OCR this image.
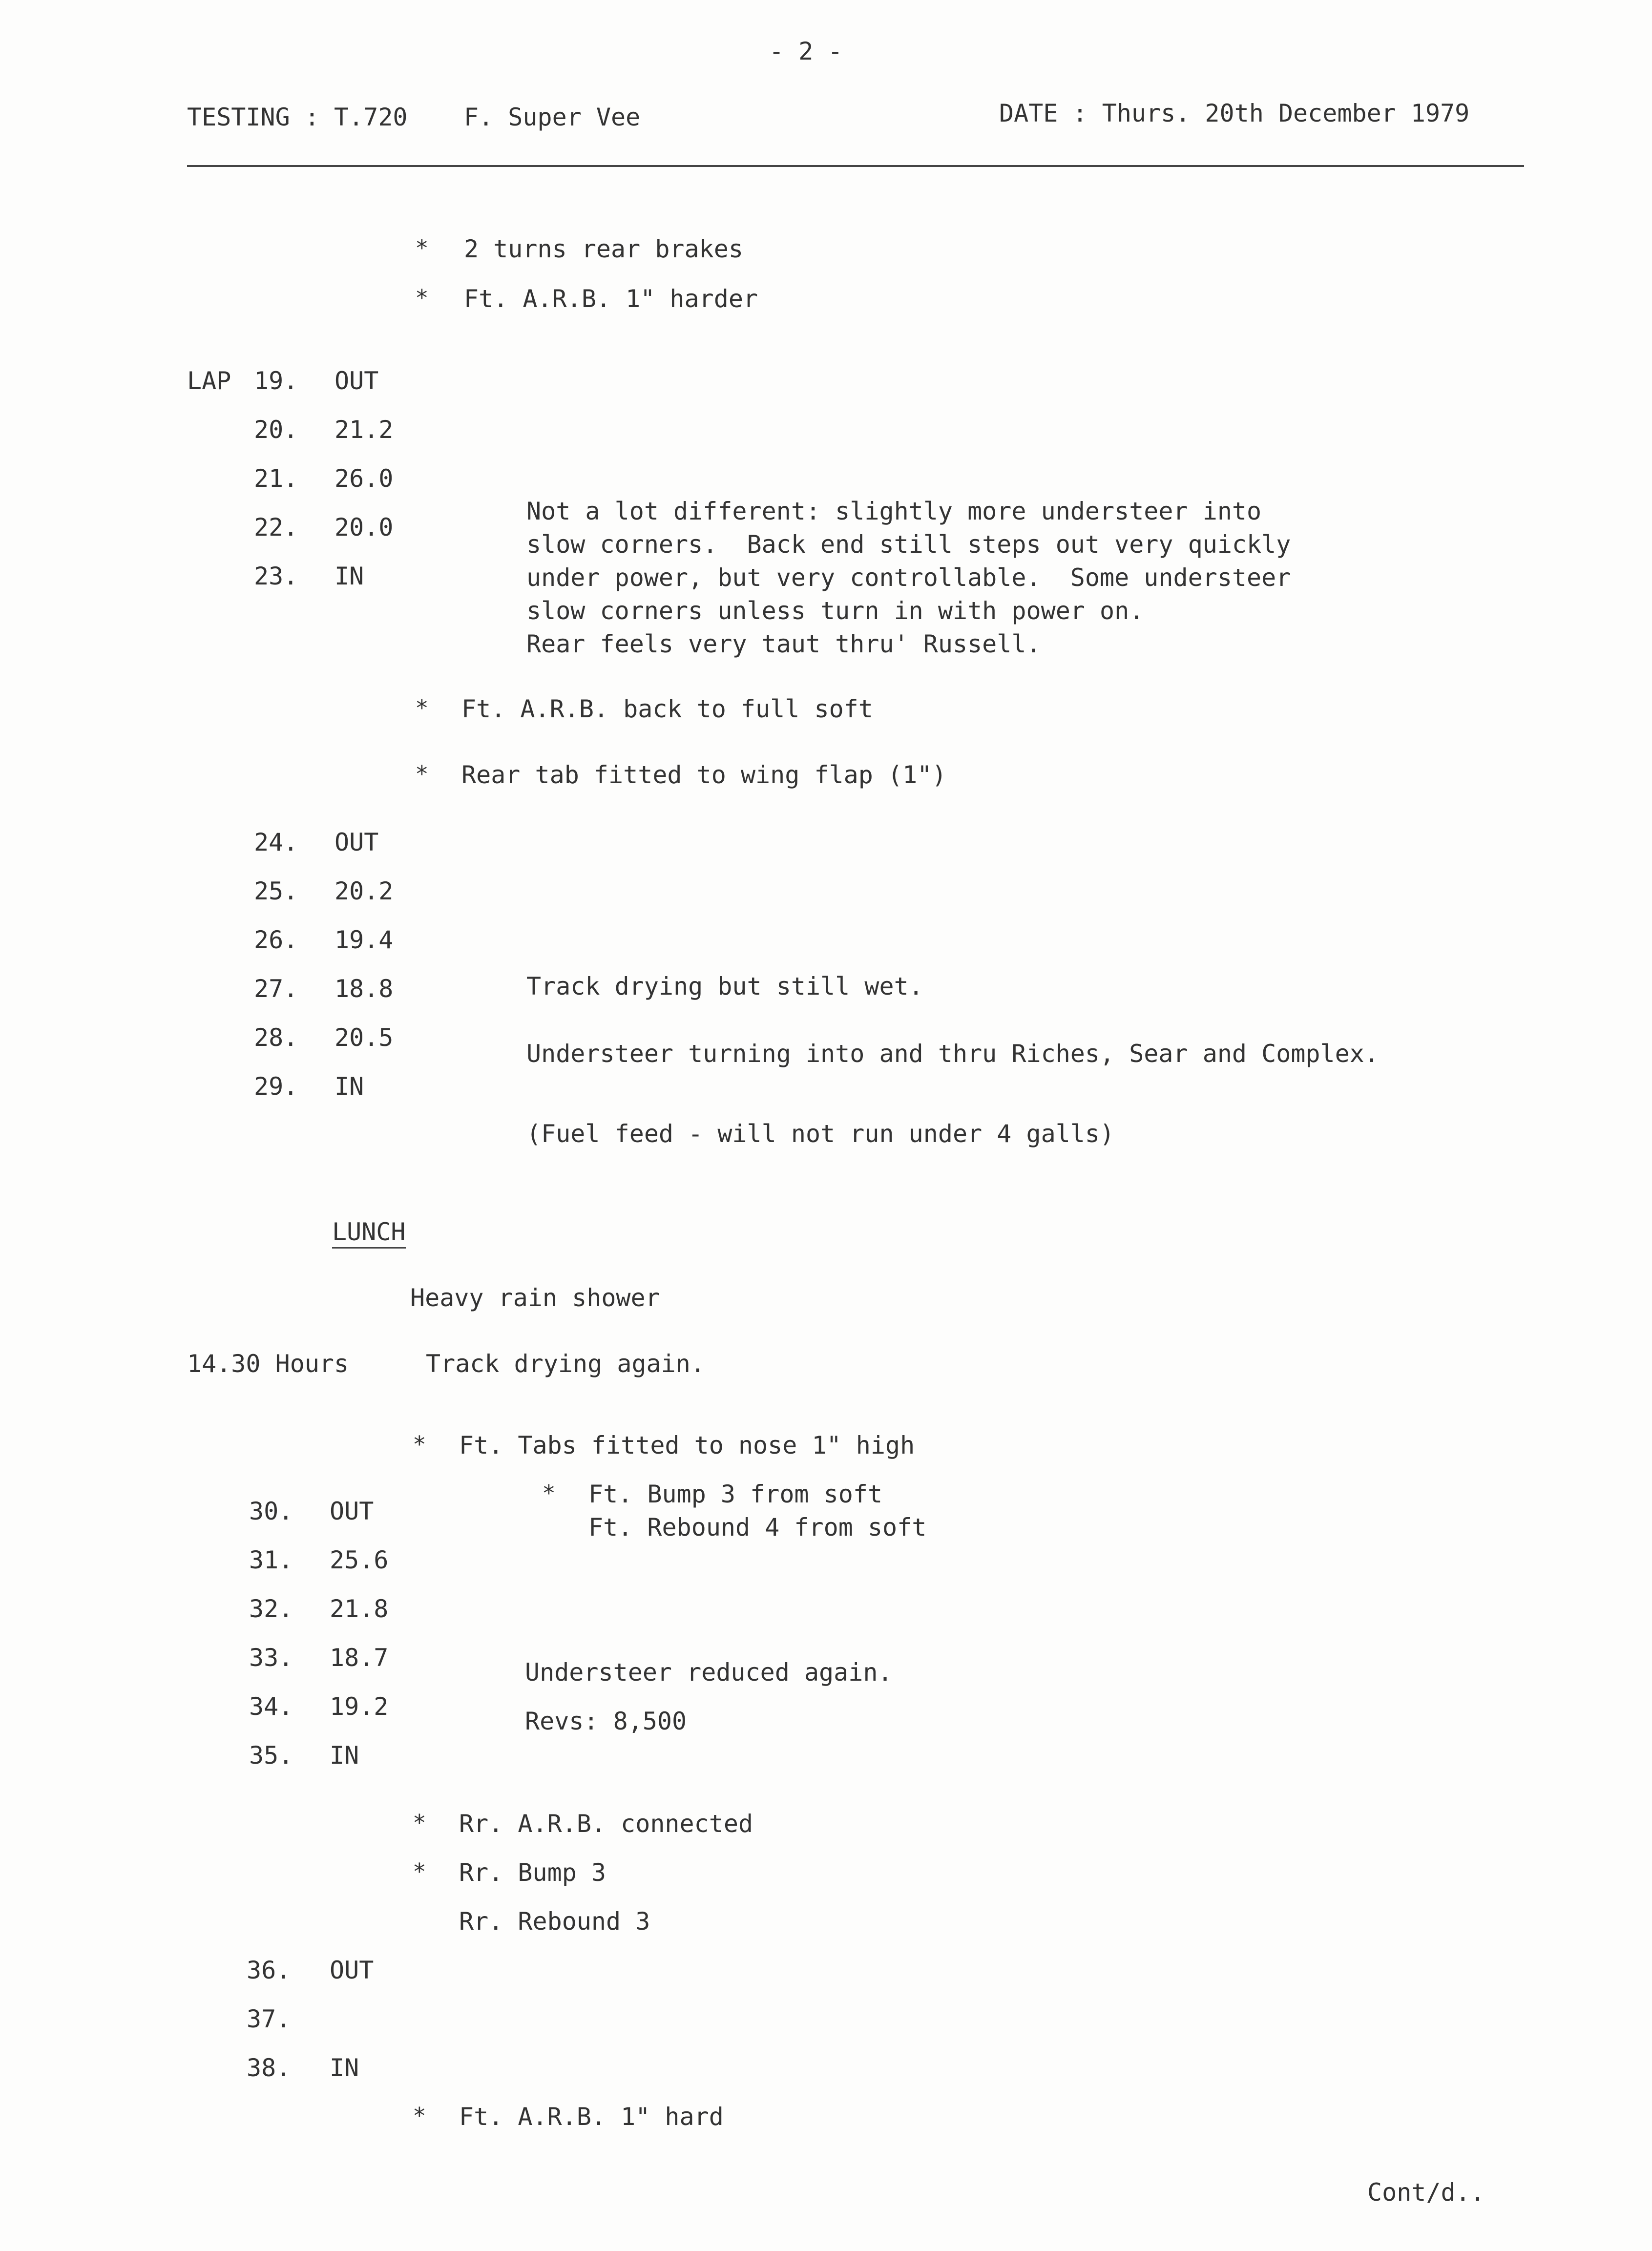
- 2 -
TESTING : T.720 F. Super Vee	DATE : Thurs. 20th December 1979
* 2 turns rear brakes
* Ft. A.R.B. 1" harder
LAP 19. OUT
20. 21.2
21. 26.0
22. 20.0
23. IN
Not a lot different: slightly more understeer into
slow corners.  Back end still steps out very quickly
under power, but very controllable.  Some understeer
slow corners unless turn in with power on.
Rear feels very taut thru' Russell.
* Ft. A.R.B. back to full soft
* Rear tab fitted to wing flap (1")
24. OUT
25. 20.2
26. 19.4
27. 18.8
28. 20.5
29. IN
Track drying but still wet.
Understeer turning into and thru Riches, Sear and Complex.
(Fuel feed - will not run under 4 galls)
LUNCH
Heavy rain shower
14.30 Hours	Track drying again.
* Ft. Tabs fitted to nose 1" high
* Ft. Bump 3 from soft
Ft. Rebound 4 from soft
30. OUT
31. 25.6
32. 21.8
33. 18.7
34. 19.2
35. IN
Understeer reduced again.
Revs: 8,500
* Rr. A.R.B. connected
* Rr. Bump 3
Rr. Rebound 3
36. OUT
37.
38. IN
* Ft. A.R.B. 1" hard
Cont/d..
